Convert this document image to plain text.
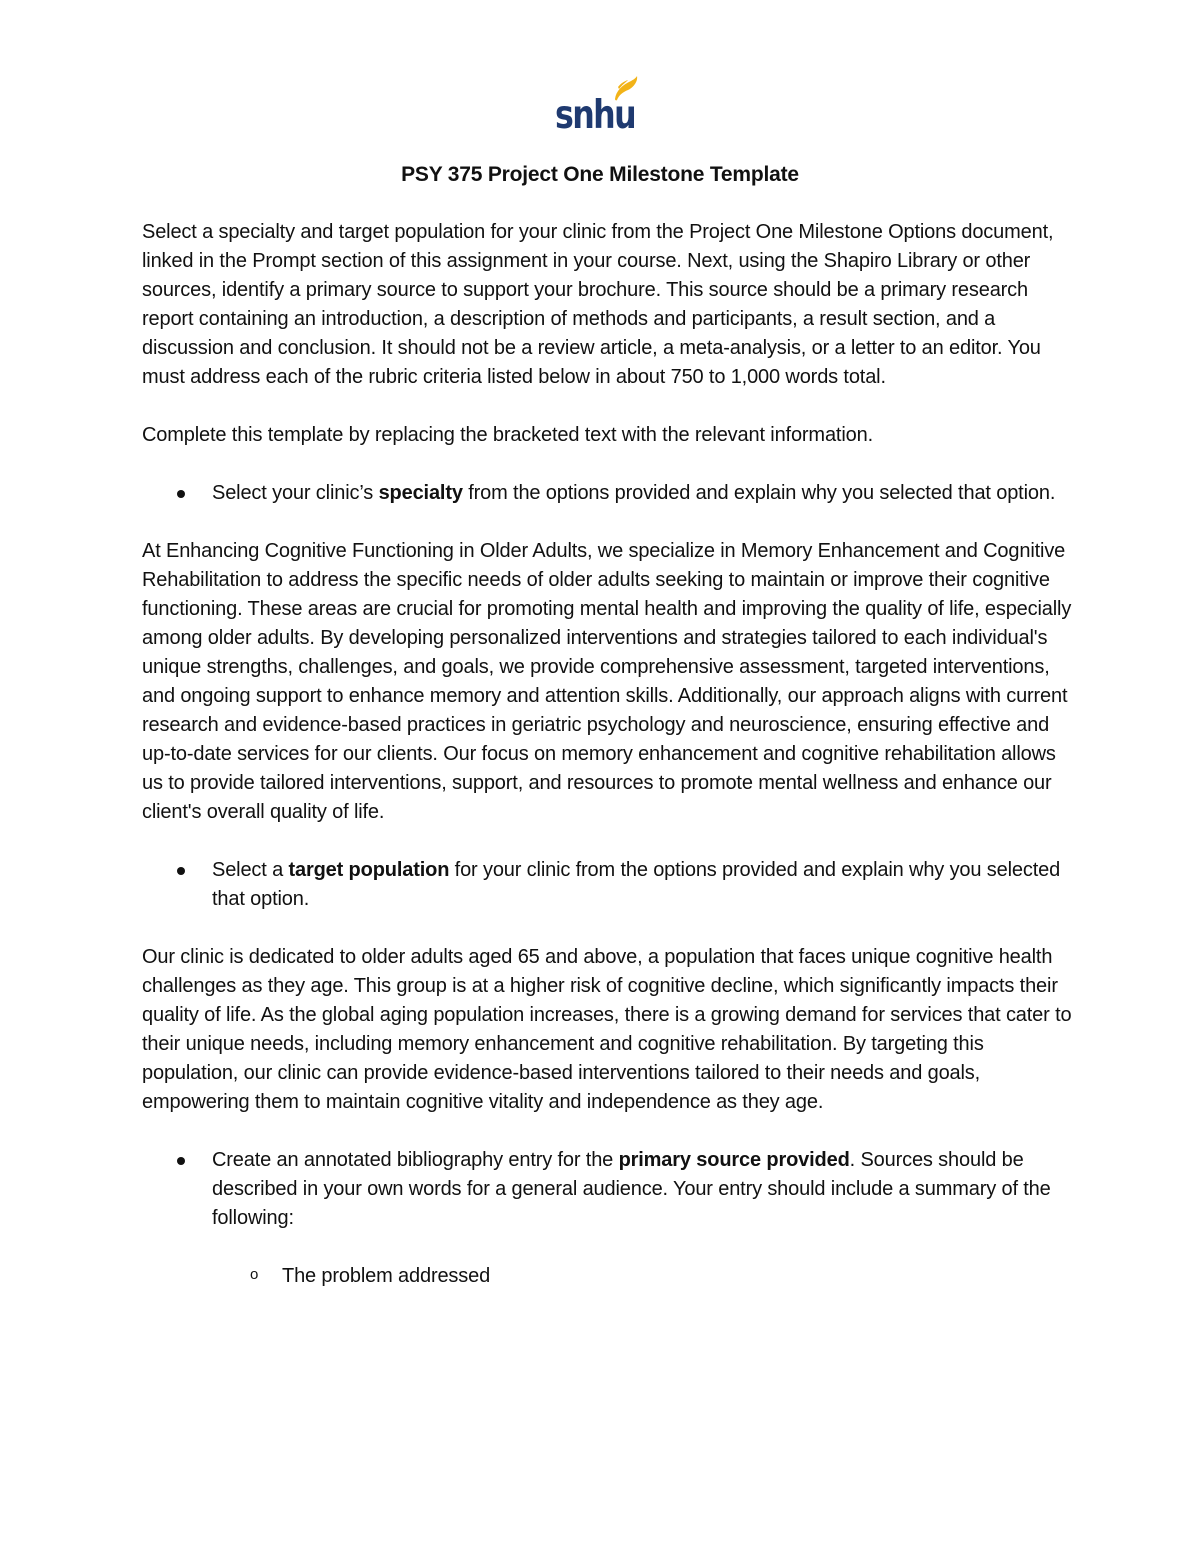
snhu
PSY 375 Project One Milestone Template

Select a specialty and target population for your clinic from the Project One Milestone Options document, linked in the Prompt section of this assignment in your course. Next, using the Shapiro Library or other sources, identify a primary source to support your brochure. This source should be a primary research report containing an introduction, a description of methods and participants, a result section, and a discussion and conclusion. It should not be a review article, a meta-analysis, or a letter to an editor. You must address each of the rubric criteria listed below in about 750 to 1,000 words total.

Complete this template by replacing the bracketed text with the relevant information.

Select your clinic’s specialty from the options provided and explain why you selected that option.

At Enhancing Cognitive Functioning in Older Adults, we specialize in Memory Enhancement and Cognitive Rehabilitation to address the specific needs of older adults seeking to maintain or improve their cognitive functioning. These areas are crucial for promoting mental health and improving the quality of life, especially among older adults. By developing personalized interventions and strategies tailored to each individual's unique strengths, challenges, and goals, we provide comprehensive assessment, targeted interventions, and ongoing support to enhance memory and attention skills. Additionally, our approach aligns with current research and evidence-based practices in geriatric psychology and neuroscience, ensuring effective and up-to-date services for our clients. Our focus on memory enhancement and cognitive rehabilitation allows us to provide tailored interventions, support, and resources to promote mental wellness and enhance our client's overall quality of life.

Select a target population for your clinic from the options provided and explain why you selected that option.

Our clinic is dedicated to older adults aged 65 and above, a population that faces unique cognitive health challenges as they age. This group is at a higher risk of cognitive decline, which significantly impacts their quality of life. As the global aging population increases, there is a growing demand for services that cater to their unique needs, including memory enhancement and cognitive rehabilitation. By targeting this population, our clinic can provide evidence-based interventions tailored to their needs and goals, empowering them to maintain cognitive vitality and independence as they age.

Create an annotated bibliography entry for the primary source provided. Sources should be described in your own words for a general audience. Your entry should include a summary of the following:
o The problem addressed
